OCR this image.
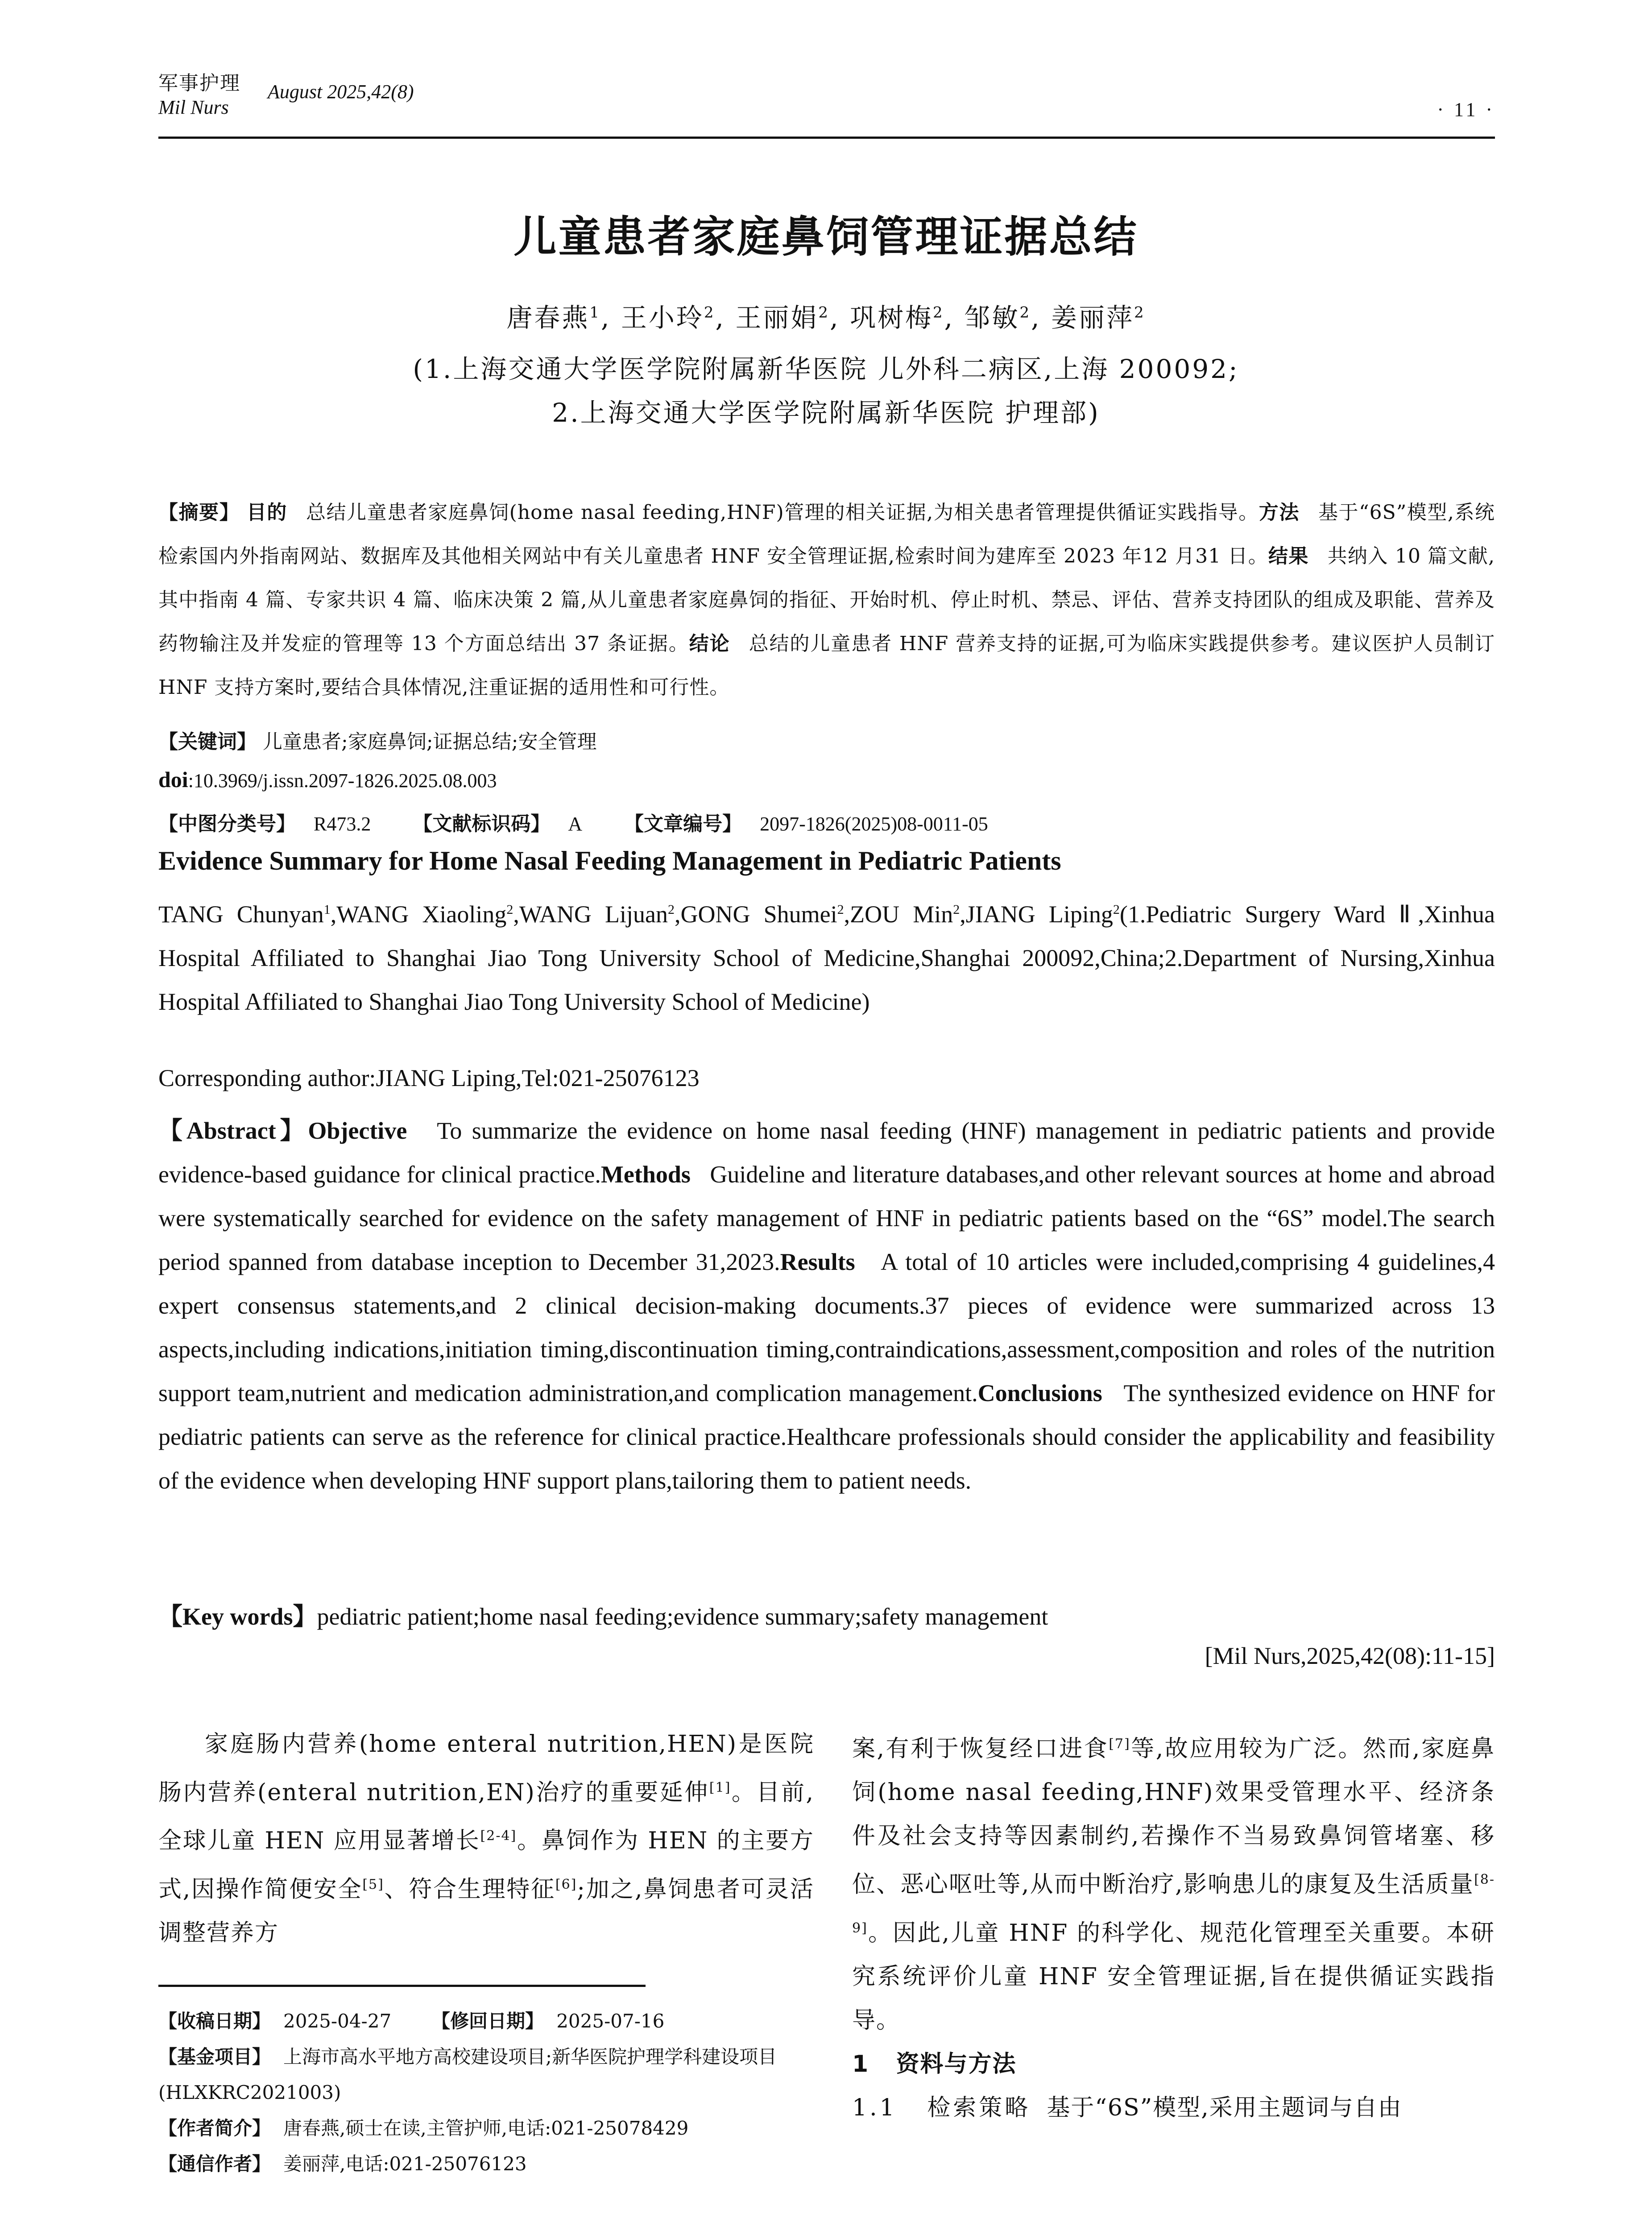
军事护理 August 2025,42(8)
Mil Nurs	· 11 ·
儿童患者家庭鼻饲管理证据总结
唐春燕$^1$, 王小玲$^2$, 王丽娟$^2$, 巩树梅$^2$, 邹敏$^2$, 姜丽萍$^2$
(1.上海交通大学医学院附属新华医院 儿外科二病区,上海 200092;
2.上海交通大学医学院附属新华医院 护理部)
【摘要】 目的 总结儿童患者家庭鼻饲(home nasal feeding,HNF)管理的相关证据,为相关患者管理提供循证实践指导。方法 基于“6S”模型,系统检索国内外指南网站、数据库及其他相关网站中有关儿童患者 HNF 安全管理证据,检索时间为建库至 2023 年12 月31 日。结果 共纳入 10 篇文献,其中指南 4 篇、专家共识 4 篇、临床决策 2 篇,从儿童患者家庭鼻饲的指征、开始时机、停止时机、禁忌、评估、营养支持团队的组成及职能、营养及药物输注及并发症的管理等 13 个方面总结出 37 条证据。结论 总结的儿童患者 HNF 营养支持的证据,可为临床实践提供参考。建议医护人员制订 HNF 支持方案时,要结合具体情况,注重证据的适用性和可行性。
【关键词】 儿童患者;家庭鼻饲;证据总结;安全管理
doi:10.3969/j.issn.2097-1826.2025.08.003
【中图分类号】 R473.2 【文献标识码】 A 【文章编号】 2097-1826(2025)08-0011-05
Evidence Summary for Home Nasal Feeding Management in Pediatric Patients
TANG Chunyan$^1$,WANG Xiaoling$^2$,WANG Lijuan$^2$,GONG Shumei$^2$,ZOU Min$^2$,JIANG Liping$^2$(1.Pediatric Surgery Ward Ⅱ,Xinhua Hospital Affiliated to Shanghai Jiao Tong University School of Medicine,Shanghai 200092,China;2.Department of Nursing,Xinhua Hospital Affiliated to Shanghai Jiao Tong University School of Medicine)
Corresponding author:JIANG Liping,Tel:021-25076123
【Abstract】Objective To summarize the evidence on home nasal feeding (HNF) management in pediatric patients and provide evidence-based guidance for clinical practice.Methods Guideline and literature databases,and other relevant sources at home and abroad were systematically searched for evidence on the safety management of HNF in pediatric patients based on the “6S” model.The search period spanned from database inception to December 31,2023.Results A total of 10 articles were included,comprising 4 guidelines,4 expert consensus statements,and 2 clinical decision-making documents.37 pieces of evidence were summarized across 13 aspects,including indications,initiation timing,discontinuation timing,contraindications,assessment,composition and roles of the nutrition support team,nutrient and medication administration,and complication management.Conclusions The synthesized evidence on HNF for pediatric patients can serve as the reference for clinical practice.Healthcare professionals should consider the applicability and feasibility of the evidence when developing HNF support plans,tailoring them to patient needs.
【Key words】pediatric patient;home nasal feeding;evidence summary;safety management
[Mil Nurs,2025,42(08):11-15]
家庭肠内营养(home enteral nutrition,HEN)是医院肠内营养(enteral nutrition,EN)治疗的重要延伸[1]。目前,全球儿童 HEN 应用显著增长[2-4]。鼻饲作为 HEN 的主要方式,因操作简便安全[5]、符合生理特征[6];加之,鼻饲患者可灵活调整营养方
【收稿日期】 2025-04-27 【修回日期】 2025-07-16
【基金项目】 上海市高水平地方高校建设项目;新华医院护理学科建设项目(HLXKRC2021003)
【作者简介】 唐春燕,硕士在读,主管护师,电话:021-25078429
【通信作者】 姜丽萍,电话:021-25076123
案,有利于恢复经口进食[7]等,故应用较为广泛。然而,家庭鼻饲(home nasal feeding,HNF)效果受管理水平、经济条件及社会支持等因素制约,若操作不当易致鼻饲管堵塞、移位、恶心呕吐等,从而中断治疗,影响患儿的康复及生活质量[8-9]。因此,儿童 HNF 的科学化、规范化管理至关重要。本研究系统评价儿童 HNF 安全管理证据,旨在提供循证实践指导。
1 资料与方法
1.1 检索策略 基于“6S”模型,采用主题词与自由
